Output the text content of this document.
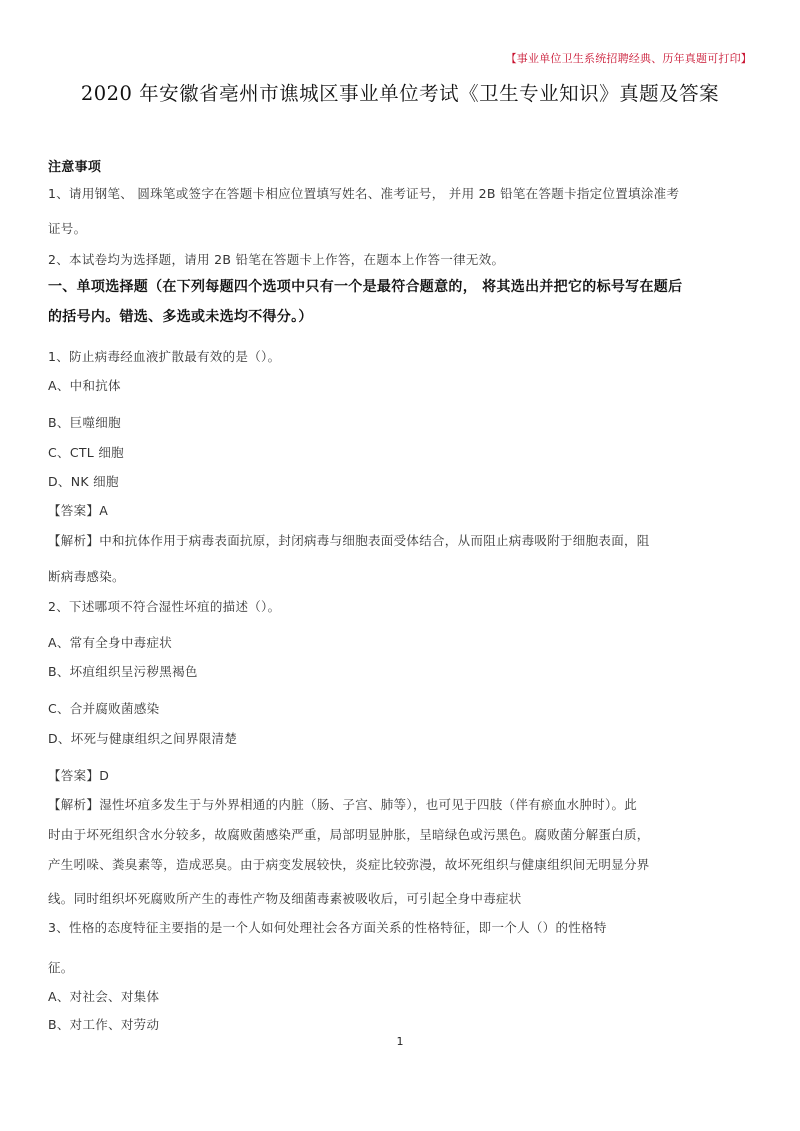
【事业单位卫生系统招聘经典、历年真题可打印】
2020 年安徽省亳州市谯城区事业单位考试《卫生专业知识》真题及答案
注意事项
1、请用钢笔、 圆珠笔或签字在答题卡相应位置填写姓名、准考证号， 并用 2B 铅笔在答题卡指定位置填涂准考
证号。
2、本试卷均为选择题，请用 2B 铅笔在答题卡上作答，在题本上作答一律无效。
一、单项选择题（在下列每题四个选项中只有一个是最符合题意的， 将其选出并把它的标号写在题后
的括号内。错选、多选或未选均不得分。）
1、防止病毒经血液扩散最有效的是（）。
A、中和抗体
B、巨噬细胞
C、CTL 细胞
D、NK 细胞
【答案】A
【解析】中和抗体作用于病毒表面抗原，封闭病毒与细胞表面受体结合，从而阻止病毒吸附于细胞表面，阻
断病毒感染。
2、下述哪项不符合湿性坏疽的描述（）。
A、常有全身中毒症状
B、坏疽组织呈污秽黑褐色
C、合并腐败菌感染
D、坏死与健康组织之间界限清楚
【答案】D
【解析】湿性坏疽多发生于与外界相通的内脏（肠、子宫、肺等），也可见于四肢（伴有瘀血水肿时）。此
时由于坏死组织含水分较多，故腐败菌感染严重，局部明显肿胀，呈暗绿色或污黑色。腐败菌分解蛋白质，
产生吲哚、粪臭素等，造成恶臭。由于病变发展较快，炎症比较弥漫，故坏死组织与健康组织间无明显分界
线。同时组织坏死腐败所产生的毒性产物及细菌毒素被吸收后，可引起全身中毒症状
3、性格的态度特征主要指的是一个人如何处理社会各方面关系的性格特征，即一个人（）的性格特
征。
A、对社会、对集体
B、对工作、对劳动
1
